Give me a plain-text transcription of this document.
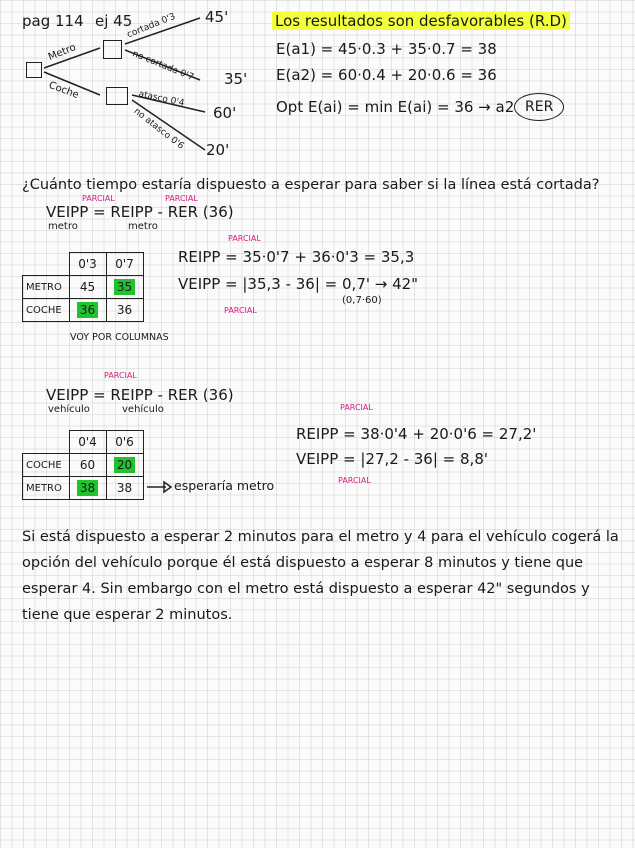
pag 114 ej 45
Metro
Coche
cortada 0'3 45'
no cortada 0'7 35'
atasco 0'4
60'
no atasco 0'6 20'
Los resultados son desfavorables (R.D)
E(a1) = 45·0.3 + 35·0.7 = 38
E(a2) = 60·0.4 + 20·0.6 = 36
Opt E(ai) = min E(ai) = 36 → a2 RER
¿Cuánto tiempo estaría dispuesto a esperar para saber si la línea está cortada?
PARCIAL	PARCIAL
VEIPP = REIPP - RER (36)
metro	metro
	0'3	0'7
METRO	45	35
COCHE	36	36
VOY POR COLUMNAS
PARCIAL
REIPP = 35·0'7 + 36·0'3 = 35,3
VEIPP = |35,3 - 36| = 0,7' → 42"
(0,7·60)
PARCIAL
PARCIAL
VEIPP = REIPP - RER (36)
vehículo	vehículo
	0'4	0'6
COCHE	60	20
METRO	38	38	esperaría metro
PARCIAL
REIPP = 38·0'4 + 20·0'6 = 27,2'
VEIPP = |27,2 - 36| = 8,8'
PARCIAL
Si está dispuesto a esperar 2 minutos para el metro y 4 para el vehículo cogerá la opción del vehículo porque él está dispuesto a esperar 8 minutos y tiene que esperar 4. Sin embargo con el metro está dispuesto a esperar 42" segundos y tiene que esperar 2 minutos.
